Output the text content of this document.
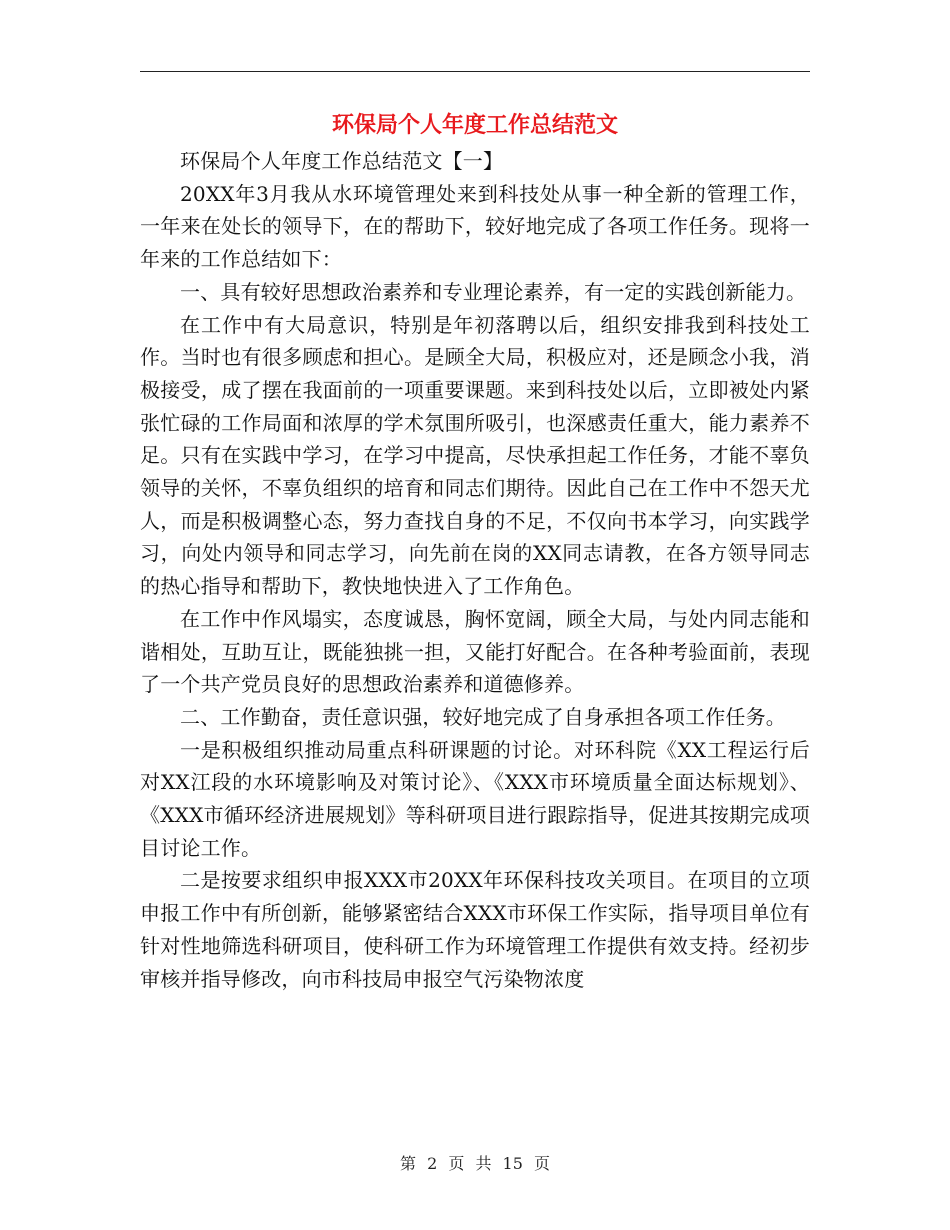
环保局个人年度工作总结范文

环保局个人年度工作总结范文【一】

20XX年3月我从水环境管理处来到科技处从事一种全新的管理工作，一年来在处长的领导下，在的帮助下，较好地完成了各项工作任务。现将一年来的工作总结如下：

一、具有较好思想政治素养和专业理论素养，有一定的实践创新能力。

在工作中有大局意识，特别是年初落聘以后，组织安排我到科技处工作。当时也有很多顾虑和担心。是顾全大局，积极应对，还是顾念小我，消极接受，成了摆在我面前的一项重要课题。来到科技处以后，立即被处内紧张忙碌的工作局面和浓厚的学术氛围所吸引，也深感责任重大，能力素养不足。只有在实践中学习，在学习中提高，尽快承担起工作任务，才能不辜负领导的关怀，不辜负组织的培育和同志们期待。因此自己在工作中不怨天尤人，而是积极调整心态，努力查找自身的不足，不仅向书本学习，向实践学习，向处内领导和同志学习，向先前在岗的XX同志请教，在各方领导同志的热心指导和帮助下，教快地快进入了工作角色。

在工作中作风塌实，态度诚恳，胸怀宽阔，顾全大局，与处内同志能和谐相处，互助互让，既能独挑一担，又能打好配合。在各种考验面前，表现了一个共产党员良好的思想政治素养和道德修养。

二、工作勤奋，责任意识强，较好地完成了自身承担各项工作任务。

一是积极组织推动局重点科研课题的讨论。对环科院《XX工程运行后对XX江段的水环境影响及对策讨论》、《XXX市环境质量全面达标规划》、《XXX市循环经济进展规划》等科研项目进行跟踪指导，促进其按期完成项目讨论工作。

二是按要求组织申报XXX市20XX年环保科技攻关项目。在项目的立项申报工作中有所创新，能够紧密结合XXX市环保工作实际，指导项目单位有针对性地筛选科研项目，使科研工作为环境管理工作提供有效支持。经初步审核并指导修改，向市科技局申报空气污染物浓度

第 2 页 共 15 页
